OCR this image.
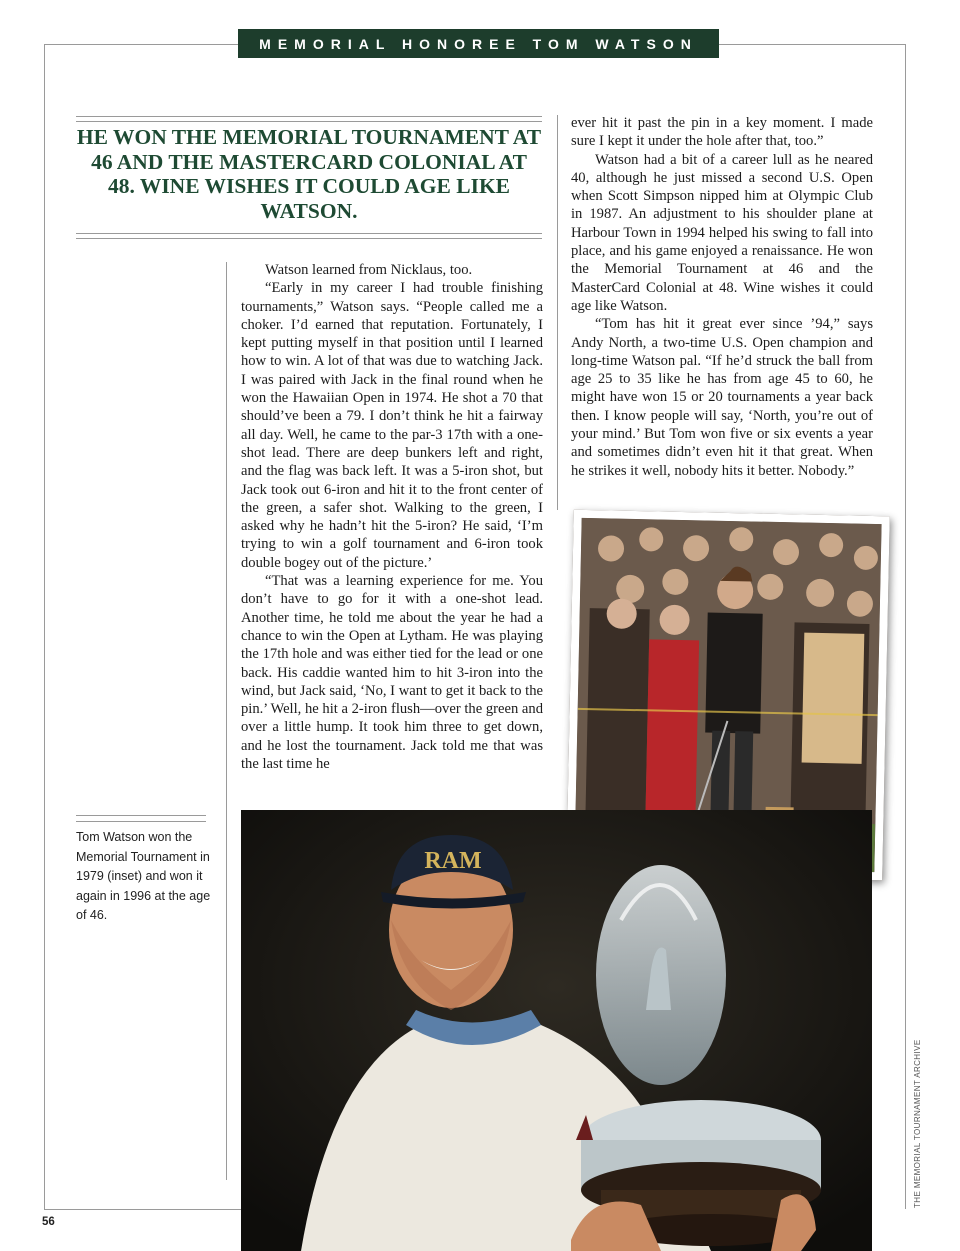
MEMORIAL HONOREE TOM WATSON
HE WON THE MEMORIAL TOURNAMENT AT 46 AND THE MASTERCARD COLONIAL AT 48. WINE WISHES IT COULD AGE LIKE WATSON.

Watson learned from Nicklaus, too.

“Early in my career I had trouble finishing tournaments,” Watson says. “People called me a choker. I’d earned that reputation. Fortunately, I kept putting myself in that position until I learned how to win. A lot of that was due to watching Jack. I was paired with Jack in the final round when he won the Hawaiian Open in 1974. He shot a 70 that should’ve been a 79. I don’t think he hit a fairway all day. Well, he came to the par-3 17th with a one-shot lead. There are deep bunkers left and right, and the flag was back left. It was a 5-iron shot, but Jack took out 6-iron and hit it to the front center of the green, a safer shot. Walking to the green, I asked why he hadn’t hit the 5-iron? He said, ‘I’m trying to win a golf tournament and 6-iron took double bogey out of the picture.’

“That was a learning experience for me. You don’t have to go for it with a one-shot lead. Another time, he told me about the year he had a chance to win the Open at Lytham. He was playing the 17th hole and was either tied for the lead or one back. His caddie wanted him to hit 3-iron into the wind, but Jack said, ‘No, I want to get it back to the pin.’ Well, he hit a 2-iron flush—over the green and over a little hump. It took him three to get down, and he lost the tournament. Jack told me that was the last time he

ever hit it past the pin in a key moment. I made sure I kept it under the hole after that, too.”

Watson had a bit of a career lull as he neared 40, although he just missed a second U.S. Open when Scott Simpson nipped him at Olympic Club in 1987. An adjustment to his shoulder plane at Harbour Town in 1994 helped his swing to fall into place, and his game enjoyed a renaissance. He won the Memorial Tournament at 46 and the MasterCard Colonial at 48. Wine wishes it could age like Watson.

“Tom has hit it great ever since ’94,” says Andy North, a two-time U.S. Open champion and long-time Watson pal. “If he’d struck the ball from age 25 to 35 like he has from age 45 to 60, he might have won 15 or 20 tournaments a year back then. I know people will say, ‘North, you’re out of your mind.’ But Tom won five or six events a year and sometimes didn’t even hit it that great. When he strikes it well, nobody hits it better. Nobody.”

RAM
Tom Watson won the Memorial Tournament in 1979 (inset) and won it again in 1996 at the age of 46.
56
THE MEMORIAL TOURNAMENT ARCHIVE
